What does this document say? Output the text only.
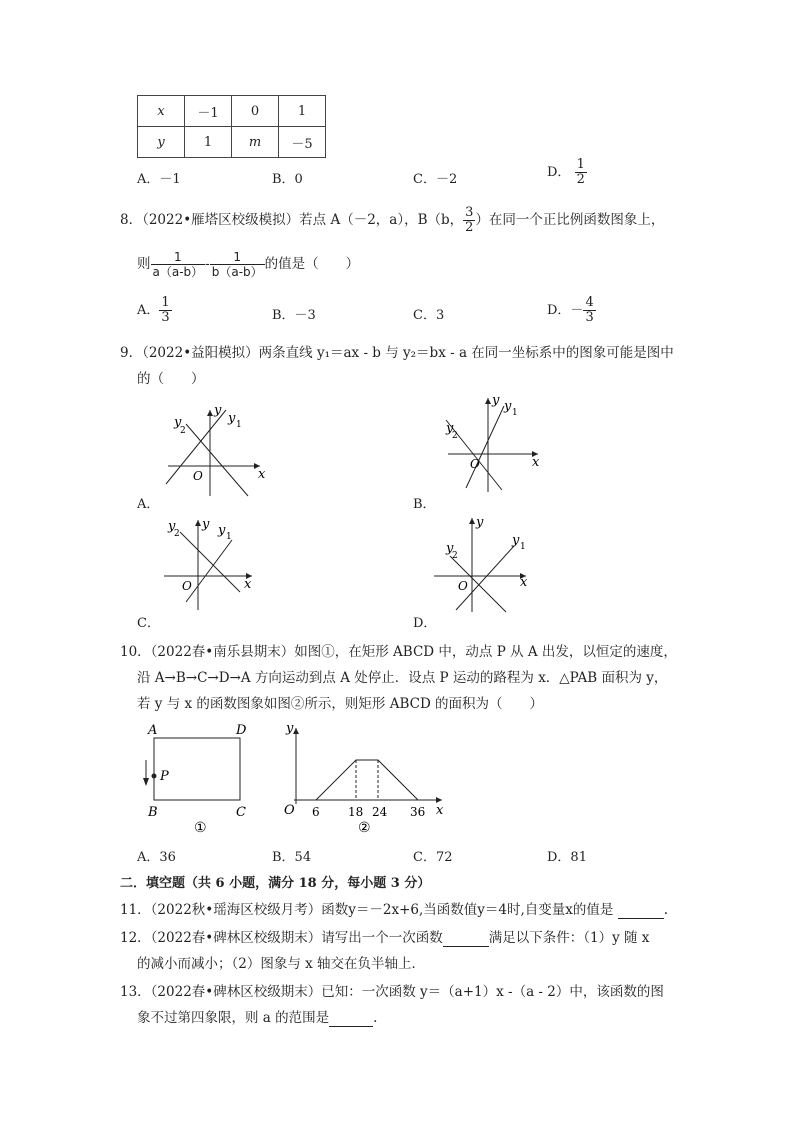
x	－1	0	1
y	1	m	－5
A．－1	B．0	C．－2	D． $\frac{1}{2}$
8．（2022•雁塔区校级模拟）若点 A（－2，a），B（b， $\frac{3}{2}$ ）在同一个正比例函数图象上，
则 $\frac{1}{a(a-b)} - \frac{1}{b(a-b)}$ 的值是（　　）
A． $\frac{1}{3}$	B．－3	C．3	D．－ $\frac{4}{3}$
9．（2022•益阳模拟）两条直线 y₁＝ax - b 与 y₂＝bx - a 在同一坐标系中的图象可能是图中
的（　　）
y
x
O
y 1
y
2
A．
y
x
O
y 1
y
2
B．
y
x
O
y 1
y
2
C．
y
x
O
y 1
y
2
D．
10．（2022春•南乐县期末）如图①，在矩形 ABCD 中，动点 P 从 A 出发，以恒定的速度，
沿 A→B→C→D→A 方向运动到点 A 处停止．设点 P 运动的路程为 x．△PAB 面积为 y，
若 y 与 x 的函数图象如图②所示，则矩形 ABCD 的面积为（　　）
A	D
B	C
P
①
y
x
O 6 18 24 36
②
A．36	B．54	C．72	D．81
二．填空题（共 6 小题，满分 18 分，每小题 3 分）
11．（2022秋•瑶海区校级月考）函数y＝－2x+6,当函数值y＝4时,自变量x的值是	.
12．（2022春•碑林区校级期末）请写出一个一次函数	满足以下条件：（1）y 随 x
的减小而减小；（2）图象与 x 轴交在负半轴上．
13．（2022春•碑林区校级期末）已知：一次函数 y＝（a+1）x -（a - 2）中，该函数的图
象不过第四象限，则 a 的范围是	.
